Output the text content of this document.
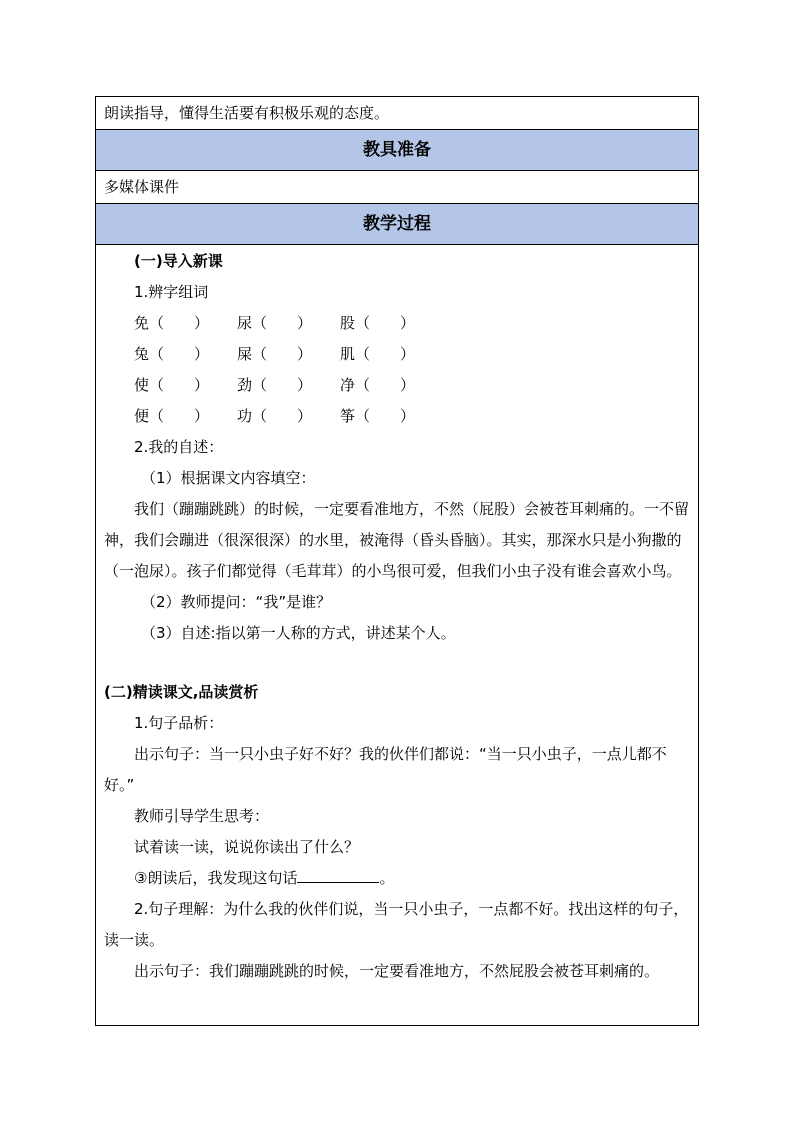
朗读指导，懂得生活要有积极乐观的态度。
教具准备
多媒体课件
教学过程

(一)导入新课
1.辨字组词
免（　　） 尿（　　） 股（　　）
兔（　　） 屎（　　） 肌（　　）
使（　　） 劲（　　） 净（　　）
便（　　） 功（　　） 筝（　　）
2.我的自述：
（1）根据课文内容填空：
我们（蹦蹦跳跳）的时候，一定要看准地方，不然（屁股）会被苍耳刺痛的。一不留神，我们会蹦进（很深很深）的水里，被淹得（昏头昏脑）。其实，那深水只是小狗撒的（一泡尿）。孩子们都觉得（毛茸茸）的小鸟很可爱，但我们小虫子没有谁会喜欢小鸟。
（2）教师提问：“我”是谁？
（3）自述:指以第一人称的方式，讲述某个人。
(二)精读课文,品读赏析
1.句子品析：
出示句子：当一只小虫子好不好？我的伙伴们都说：“当一只小虫子，一点儿都不好。”
教师引导学生思考：
试着读一读，说说你读出了什么？
③朗读后，我发现这句话	。
2.句子理解：为什么我的伙伴们说，当一只小虫子，一点都不好。找出这样的句子，读一读。
出示句子：我们蹦蹦跳跳的时候，一定要看准地方，不然屁股会被苍耳刺痛的。
